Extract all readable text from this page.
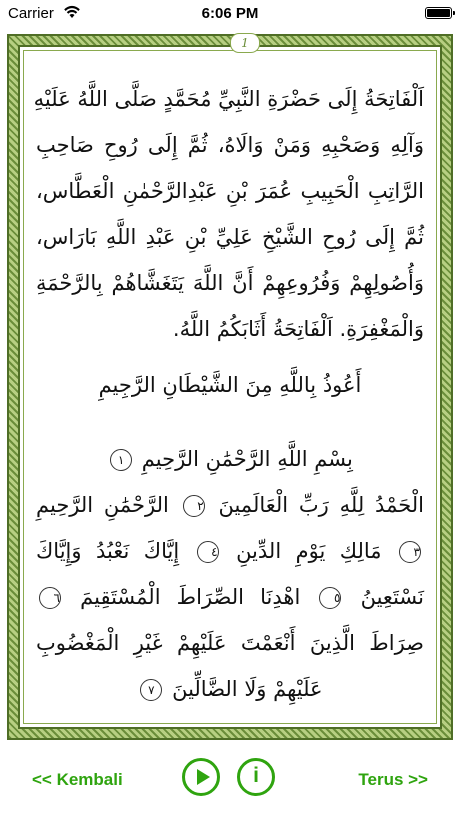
Carrier	6:06 PM
1
اَلْفَاتِحَةُ إِلَى حَضْرَةِ النَّبِيِّ مُحَمَّدٍ صَلَّى اللَّهُ عَلَيْهِ
وَآلِهِ وَصَحْبِهِ وَمَنْ وَالَاهُ، ثُمَّ إِلَى رُوحِ صَاحِبِ
الرَّاتِبِ الْحَبِيبِ عُمَرَ بْنِ عَبْدِالرَّحْمٰنِ الْعَطَّاس،
ثُمَّ إِلَى رُوحِ الشَّيْخِ عَلِيِّ بْنِ عَبْدِ اللَّهِ بَارَاس،
وَأُصُولِهِمْ وَفُرُوعِهِمْ أَنَّ اللَّهَ يَتَغَشَّاهُمْ بِالرَّحْمَةِ
وَالْمَغْفِرَةِ. اَلْفَاتِحَةُ أَثَابَكُمُ اللَّهُ.
أَعُوذُ بِاللَّهِ مِنَ الشَّيْطَانِ الرَّجِيمِ
بِسْمِ اللَّهِ الرَّحْمَٰنِ الرَّحِيمِ ١
الْحَمْدُ لِلَّهِ رَبِّ الْعَالَمِينَ ٢ الرَّحْمَٰنِ الرَّحِيمِ
٣ مَالِكِ يَوْمِ الدِّينِ ٤ إِيَّاكَ نَعْبُدُ وَإِيَّاكَ
نَسْتَعِينُ ٥ اهْدِنَا الصِّرَاطَ الْمُسْتَقِيمَ ٦
صِرَاطَ الَّذِينَ أَنْعَمْتَ عَلَيْهِمْ غَيْرِ الْمَغْضُوبِ
عَلَيْهِمْ وَلَا الضَّالِّينَ ٧
<< Kembali	i	Terus >>
